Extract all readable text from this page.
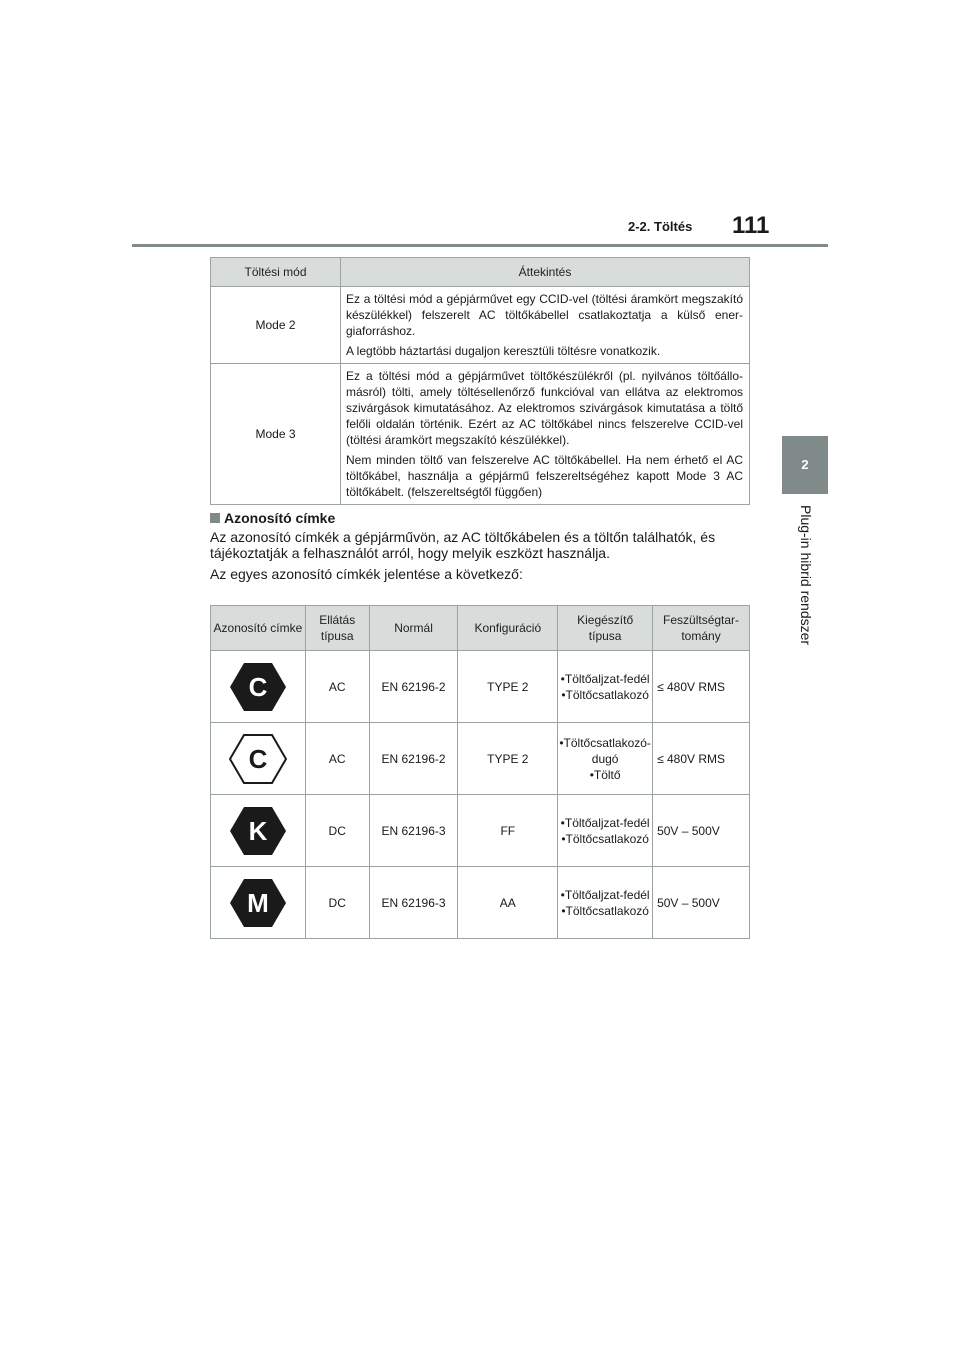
2-2. Töltés 111
2
Plug-in hibrid rendszer
Töltési mód	Áttekintés
Mode 2	Ez a töltési mód a gépjárművet egy CCID-vel (töltési áramkört megszakító készülékkel) felszerelt AC töltőkábellel csatlakoztatja a külső energiaforráshoz.

A legtöbb háztartási dugaljon keresztüli töltésre vonatkozik.

Mode 3	Ez a töltési mód a gépjárművet töltőkészülékről (pl. nyilvános töltőállomásról) tölti, amely töltésellenőrző funkcióval van ellátva az elektromos szivárgások kimutatásához. Az elektromos szivárgások kimutatása a töltő felőli oldalán történik. Ezért az AC töltőkábel nincs felszerelve CCID-vel (töltési áramkört megszakító készülékkel).

Nem minden töltő van felszerelve AC töltőkábellel. Ha nem érhető el AC töltőkábel, használja a gépjármű felszereltségéhez kapott Mode 3 AC töltőkábelt. (felszereltségtől függően)

Azonosító címke
Az azonosító címkék a gépjárművön, az AC töltőkábelen és a töltőn találhatók, és tájékoztatják a felhasználót arról, hogy melyik eszközt használja.
Az egyes azonosító címkék jelentése a következő:
Azonosító címke	Ellátás típusa	Normál	Konfiguráció	Kiegészítő típusa	Feszültségtartomány

C	AC	EN 62196-2	TYPE 2	•Töltőaljzat-fedél
•Töltőcsatlakozó	≤ 480V RMS

C	AC	EN 62196-2	TYPE 2	•Töltőcsatlakozó-dugó
•Töltő	≤ 480V RMS

K	DC	EN 62196-3	FF	•Töltőaljzat-fedél
•Töltőcsatlakozó	50V – 500V

M	DC	EN 62196-3	AA	•Töltőaljzat-fedél
•Töltőcsatlakozó	50V – 500V
